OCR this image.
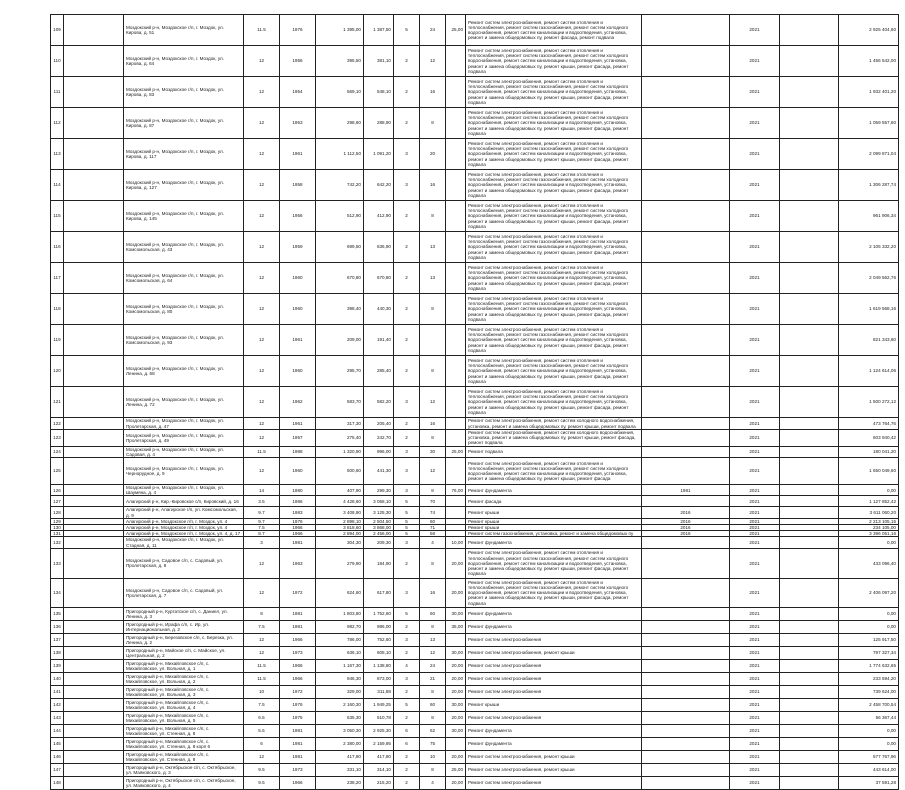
109		Моздокский р-н, Моздокское г/п, г. Моздок, ул. Кирова, д. 51	11.5	1976	1 395,00	1 387,50	5	24	25,00	Ремонт систем электроснабжения, ремонт систем отопления и теплоснабжения, ремонт систем газоснабжения, ремонт систем холодного водоснабжения, ремонт систем канализации и водоотведения, установка, ремонт и замена общедомовых пу, ремонт фасада, ремонт подвала		2021		2 925 404,60
110		Моздокский р-н, Моздокское г/п, г. Моздок, ул. Кирова, д. 64	12	1956	395,50	381,10	2	12		Ремонт систем электроснабжения, ремонт систем отопления и теплоснабжения, ремонт систем газоснабжения, ремонт систем холодного водоснабжения, ремонт систем канализации и водоотведения, установка, ремонт и замена общедомовых пу, ремонт крыши, ремонт фасада, ремонт подвала		2021		1 456 542,00
111		Моздокский р-н, Моздокское г/п, г. Моздок, ул. Кирова, д. 83	12	1954	569,10	548,10	2	16		Ремонт систем электроснабжения, ремонт систем отопления и теплоснабжения, ремонт систем газоснабжения, ремонт систем холодного водоснабжения, ремонт систем канализации и водоотведения, установка, ремонт и замена общедомовых пу, ремонт крыши, ремонт фасада, ремонт подвала		2021		1 932 401,20
112		Моздокский р-н, Моздокское г/п, г. Моздок, ул. Кирова, д. 87	12	1953	298,60	288,90	2	8		Ремонт систем электроснабжения, ремонт систем отопления и теплоснабжения, ремонт систем газоснабжения, ремонт систем холодного водоснабжения, ремонт систем канализации и водоотведения, установка, ремонт и замена общедомовых пу, ремонт крыши, ремонт фасада, ремонт подвала		2021		1 059 557,60
113		Моздокский р-н, Моздокское г/п, г. Моздок, ул. Кирова, д. 117	12	1961	1 112,50	1 091,20	3	20		Ремонт систем электроснабжения, ремонт систем отопления и теплоснабжения, ремонт систем газоснабжения, ремонт систем холодного водоснабжения, ремонт систем канализации и водоотведения, установка, ремонт и замена общедомовых пу, ремонт крыши, ремонт фасада, ремонт подвала		2021		2 099 871,04
114		Моздокский р-н, Моздокское г/п, г. Моздок, ул. Кирова, д. 127	12	1958	742,20	642,20	3	16		Ремонт систем электроснабжения, ремонт систем отопления и теплоснабжения, ремонт систем газоснабжения, ремонт систем холодного водоснабжения, ремонт систем канализации и водоотведения, установка, ремонт и замена общедомовых пу, ремонт крыши, ремонт фасада, ремонт подвала		2021		1 306 287,74
115		Моздокский р-н, Моздокское г/п, г. Моздок, ул. Кирова, д. 145	12	1956	512,90	412,90	2	8		Ремонт систем электроснабжения, ремонт систем отопления и теплоснабжения, ремонт систем газоснабжения, ремонт систем холодного водоснабжения, ремонт систем канализации и водоотведения, установка, ремонт и замена общедомовых пу, ремонт крыши, ремонт фасада, ремонт подвала		2021		961 906,34
116		Моздокский р-н, Моздокское г/п, г. Моздок, ул. Комсомольская, д. 43	12	1959	699,50	636,90	2	13		Ремонт систем электроснабжения, ремонт систем отопления и теплоснабжения, ремонт систем газоснабжения, ремонт систем холодного водоснабжения, ремонт систем канализации и водоотведения, установка, ремонт и замена общедомовых пу, ремонт крыши, ремонт фасада, ремонт подвала		2021		2 105 332,20
117		Моздокский р-н, Моздокское г/п, г. Моздок, ул. Комсомольская, д. 64	12	1960	670,80	670,80	2	13		Ремонт систем электроснабжения, ремонт систем отопления и теплоснабжения, ремонт систем газоснабжения, ремонт систем холодного водоснабжения, ремонт систем канализации и водоотведения, установка, ремонт и замена общедомовых пу, ремонт крыши, ремонт фасада, ремонт подвала		2021		2 049 562,76
118		Моздокский р-н, Моздокское г/п, г. Моздок, ул. Комсомольская, д. 80	12	1960	398,40	440,30	2	8		Ремонт систем электроснабжения, ремонт систем отопления и теплоснабжения, ремонт систем газоснабжения, ремонт систем холодного водоснабжения, ремонт систем канализации и водоотведения, установка, ремонт и замена общедомовых пу, ремонт крыши, ремонт фасада, ремонт подвала		2021		1 619 568,16
119		Моздокский р-н, Моздокское г/п, г. Моздок, ул. Комсомольская, д. 93	12	1961	209,00	191,40	2			Ремонт систем электроснабжения, ремонт систем отопления и теплоснабжения, ремонт систем газоснабжения, ремонт систем холодного водоснабжения, ремонт систем канализации и водоотведения, установка, ремонт и замена общедомовых пу, ремонт крыши, ремонт фасада, ремонт подвала		2021		821 343,60
120		Моздокский р-н, Моздокское г/п, г. Моздок, ул. Ленина, д. 68	12	1960	295,70	285,40	2	8		Ремонт систем электроснабжения, ремонт систем отопления и теплоснабжения, ремонт систем газоснабжения, ремонт систем холодного водоснабжения, ремонт систем канализации и водоотведения, установка, ремонт и замена общедомовых пу, ремонт крыши, ремонт фасада, ремонт подвала		2021		1 124 614,06
121		Моздокский р-н, Моздокское г/п, г. Моздок, ул. Ленина, д. 72	12	1962	583,70	582,20	3	12		Ремонт систем электроснабжения, ремонт систем отопления и теплоснабжения, ремонт систем газоснабжения, ремонт систем холодного водоснабжения, ремонт систем канализации и водоотведения, установка, ремонт и замена общедомовых пу, ремонт крыши, ремонт фасада, ремонт подвала		2021		1 500 272,12
122		Моздокский р-н, Моздокское г/п, г. Моздок, ул. Пролетарская, д. 47	12	1961	317,30	205,40	2	16		Ремонт систем электроснабжения, ремонт систем холодного водоснабжения, установка, ремонт и замена общедомовых пу, ремонт крыши, ремонт подвала		2021		473 764,76
123		Моздокский р-н, Моздокское г/п, г. Моздок, ул. Пролетарская, д. 49	12	1957	275,40	242,70	2	8		Ремонт систем электроснабжения, ремонт систем холодного водоснабжения, установка, ремонт и замена общедомовых пу, ремонт крыши, ремонт фасада, ремонт подвала		2021		603 940,42
124		Моздокский р-н, Моздокское г/п, г. Моздок, ул. Садовая, д. 4	11.5	1988	1 320,90	996,00	3	30	25,00	Ремонт подвала		2021		180 041,20
125		Моздокский р-н, Моздокское г/п, г. Моздок, ул. Чернорудное, д. 9	12	1960	500,60	441,30	3	12		Ремонт систем электроснабжения, ремонт систем отопления и теплоснабжения, ремонт систем газоснабжения, ремонт систем холодного водоснабжения, ремонт систем канализации и водоотведения, установка, ремонт и замена общедомовых пу, ремонт крыши, ремонт фасада		2021		1 650 049,60
126		Моздокский р-н, Моздокское г/п, г. Моздок, ул. Шаумяна, д. 4	14	1980	407,90	299,30	3	8	76,00	Ремонт фундамента	1981	2021		0,00
127		Алагирский р-н, Кир.-Кировское с/п, Кировский, д. 16	3.5	1986	4 428,60	3 058,10	5	70		Ремонт фасада		2021		1 127 852,42
128		Алагирский р-н, Алагирское г/п, ул. Комсомольская, д. 9	9.7	1983	3 408,90	3 125,30	5	74		Ремонт крыши	2016	2021		3 611 060,20
129		Алагирский р-н, Моздокское г/п, г. Моздок, ул. 4	9.7	1976	2 898,10	2 504,50	5	60		Ремонт крыши	2016	2021		2 213 105,15
130		Алагирский р-н, Моздокское г/п, г. Моздок, ул. 4	7.5	1966	3 818,60	3 868,00	5	71		Ремонт крыши	2016	2021		234 105,00
131		Алагирский р-н, Моздокское г/п, г. Моздок, ул. 4, д. 17	8.7	1966	2 894,00	2 456,00	5	58		Ремонт систем газоснабжения, установка, ремонт и замена общедомовых пу	2016	2021		3 396 051,16
132		Моздокский р-н, Моздокское г/п, г. Моздок, ул. Стадная, д. 11	3	1981	304,30	209,30	3	4	10,00	Ремонт фундамента		2021		0,00
133		Моздокский р-н, Садовое с/п, с. Садовый, ул. Пролетарская, д. 8	12	1963	279,90	184,90	2	8	20,00	Ремонт систем электроснабжения, ремонт систем отопления и теплоснабжения, ремонт систем газоснабжения, ремонт систем холодного водоснабжения, ремонт систем канализации и водоотведения, установка, ремонт и замена общедомовых пу, ремонт крыши, ремонт фасада, ремонт подвала		2021		433 096,40
134		Моздокский р-н, Садовое с/п, с. Садовый, ул. Пролетарская, д. 7	12	1972	624,60	617,80	3	16	20,00	Ремонт систем электроснабжения, ремонт систем отопления и теплоснабжения, ремонт систем газоснабжения, ремонт систем холодного водоснабжения, ремонт систем канализации и водоотведения, установка, ремонт и замена общедомовых пу, ремонт крыши, ремонт фасада, ремонт подвала		2021		2 406 097,20
135		Пригородный р-н, Куртатское с/п, с. Даниел, ул. Ленина, д. 3	8	1981	1 803,80	1 752,60	5	60	30,00	Ремонт фундамента		2021		0,00
136		Пригородный р-н, Ирафа с/п, с. Ир, ул. Интернациональная, д. 2	7.5	1981	982,70	986,00	2	8	35,00	Ремонт фундамента		2021		0,00
137		Пригородный р-н, Березовское с/п, с. Березка, ул. Ленина, д. 2	12	1966	786,00	752,60	3	13		Ремонт систем электроснабжения		2021		125 917,50
138		Пригородный р-н, Майское с/п, с. Майское, ул. Центральная, д. 2	12	1973	636,10	605,10	2	12	30,00	Ремонт систем электроснабжения, ремонт крыши		2021		797 327,34
139		Пригородный р-н, Михайловское с/п, с. Михайловское, ул. Вольная, д. 1	11.5	1966	1 167,30	1 138,80	4	24	20,00	Ремонт систем электроснабжения		2021		1 774 632,65
140		Пригородный р-н, Михайловское с/п, с. Михайловское, ул. Вольная, д. 2	11.5	1966	946,30	873,00	3	21	20,00	Ремонт систем электроснабжения		2021		233 594,20
141		Пригородный р-н, Михайловское с/п, с. Михайловское, ул. Вольная, д. 3	10	1972	329,00	311,88	2	8	20,00	Ремонт систем электроснабжения		2021		739 624,00
142		Пригородный р-н, Михайловское с/п, с. Михайловское, ул. Вольная, д. 4	7.5	1976	2 160,30	1 949,25	5	60	30,00	Ремонт крыши		2021		2 458 700,54
143		Пригородный р-н, Михайловское с/п, с. Михайловское, ул. Вольная, д. 5	6.5	1975	635,30	510,78	2	8	20,00	Ремонт систем электроснабжения		2021		56 367,44
144		Пригородный р-н, Михайловское с/п, с. Михайловское, ул. Стенная, д. 8	5.5	1981	3 050,30	2 925,30	6	62	30,00	Ремонт фундамента		2021		0,00
145		Пригородный р-н, Михайловское с/п, с. Михайловское, ул. Стенная, д. 8 корп 6	6	1981	2 380,00	2 159,95	6	75		Ремонт фундамента		2021		0,00
146		Пригородный р-н, Михайловское с/п, с. Михайловское, ул. Стенная, д. 8	12	1981	417,80	417,80	2	10	20,00	Ремонт систем электроснабжения, ремонт крыши		2021		577 767,96
147		Пригородный р-н, Октябрьское с/п, с. Октябрьское, ул. Маяковского, д. 3	9.5	1973	331,10	314,10	2	8	25,00	Ремонт систем электроснабжения, ремонт крыши		2021		443 614,00
148		Пригородный р-н, Октябрьское с/п, с. Октябрьское, ул. Маяковского, д. 4	9.5	1966	238,20	215,20	2	4	20,00	Ремонт систем электроснабжения		2021		37 591,28
